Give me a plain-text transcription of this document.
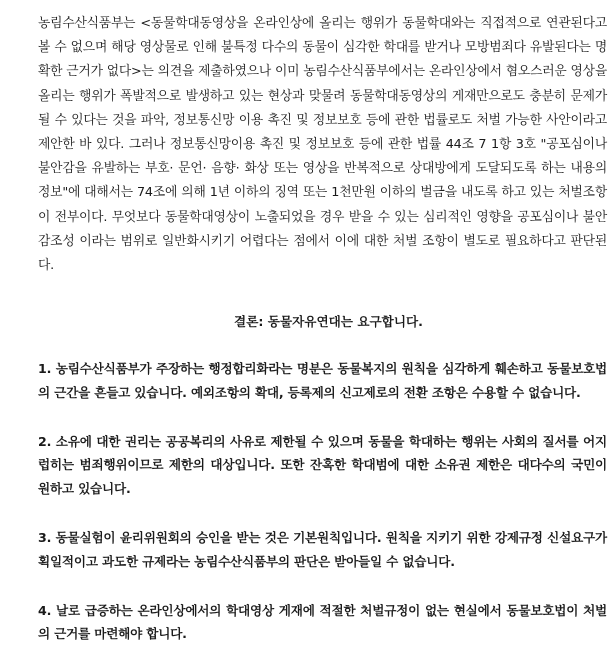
농림수산식품부는 <동물학대동영상을 온라인상에 올리는 행위가 동물학대와는 직접적으로 연관된다고 볼 수 없으며 해당 영상물로 인해 불특정 다수의 동물이 심각한 학대를 받거나 모방범죄다 유발된다는 명확한 근거가 없다>는 의견을 제출하였으나 이미 농림수산식품부에서는 온라인상에서 혐오스러운 영상을 올리는 행위가 폭발적으로 발생하고 있는 현상과 맞물려 동물학대동영상의 게재만으로도 충분히 문제가 될 수 있다는 것을 파악, 정보통신망 이용 촉진 및 정보보호 등에 관한 법률로도 처벌 가능한 사안이라고 제안한 바 있다. 그러나 정보통신망이용 촉진 및 정보보호 등에 관한 법률 44조 7 1항 3호 "공포심이나 불안감을 유발하는 부호· 문언· 음향· 화상 또는 영상을 반복적으로 상대방에게 도달되도록 하는 내용의 정보"에 대해서는 74조에 의해 1년 이하의 징역 또는 1천만원 이하의 벌금을 내도록 하고 있는 처벌조항이 전부이다. 무엇보다 동물학대영상이 노출되었을 경우 받을 수 있는 심리적인 영향을 공포심이나 불안감조성 이라는 범위로 일반화시키기 어렵다는 점에서 이에 대한 처벌 조항이 별도로 필요하다고 판단된다.

결론: 동물자유연대는 요구합니다.
1. 농림수산식품부가 주장하는 행정합리화라는 명분은 동물복지의 원칙을 심각하게 훼손하고 동물보호법의 근간을 흔들고 있습니다. 예외조항의 확대, 등록제의 신고제로의 전환 조항은 수용할 수 없습니다.
2. 소유에 대한 권리는 공공복리의 사유로 제한될 수 있으며 동물을 학대하는 행위는 사회의 질서를 어지럽히는 범죄행위이므로 제한의 대상입니다. 또한 잔혹한 학대범에 대한 소유권 제한은 대다수의 국민이 원하고 있습니다.
3. 동물실험이 윤리위원회의 승인을 받는 것은 기본원칙입니다. 원칙을 지키기 위한 강제규정 신설요구가 획일적이고 과도한 규제라는 농림수산식품부의 판단은 받아들일 수 없습니다.
4. 날로 급증하는 온라인상에서의 학대영상 게재에 적절한 처벌규정이 없는 현실에서 동물보호법이 처벌의 근거를 마련해야 합니다.
